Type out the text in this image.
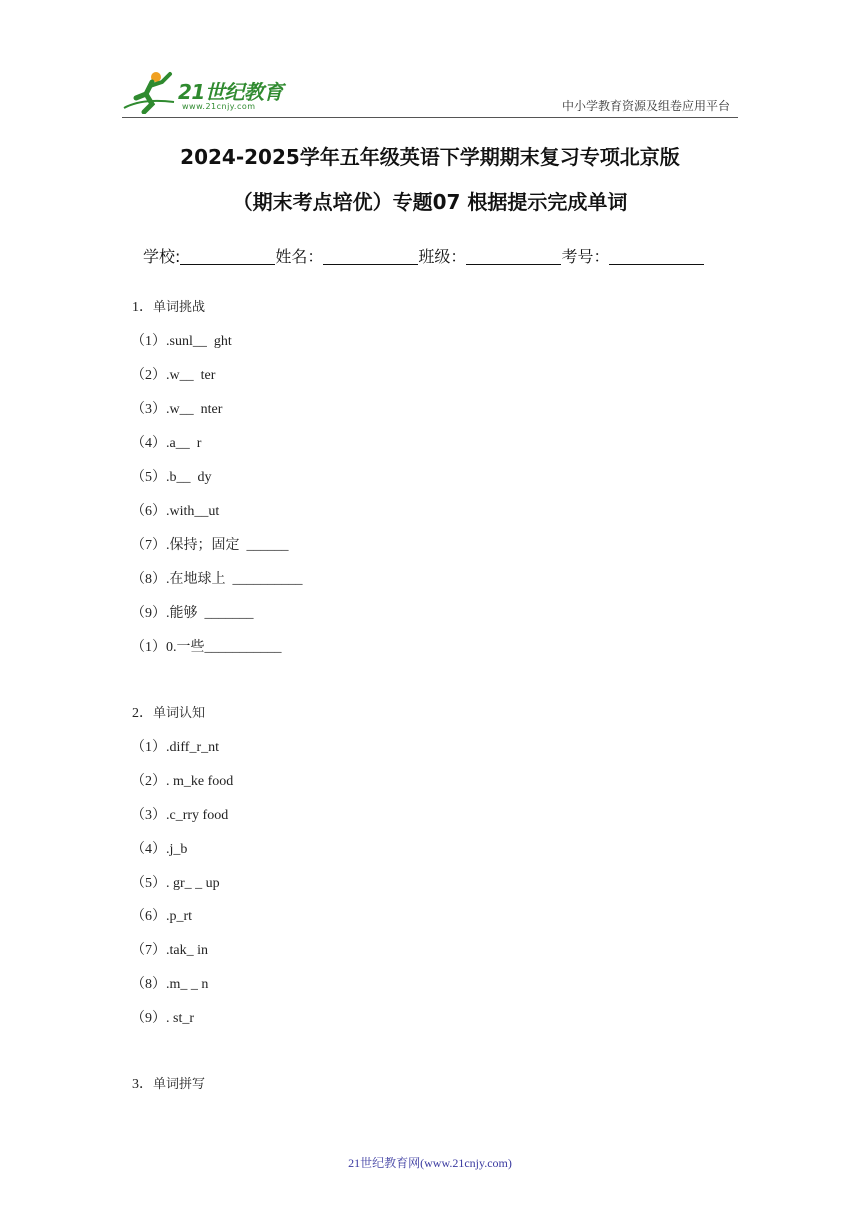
21世纪教育
www.21cnjy.com	中小学教育资源及组卷应用平台
2024-2025学年五年级英语下学期期末复习专项北京版
（期末考点培优）专题07 根据提示完成单词
学校:	姓名：	班级：	考号：
1．单词挑战
（1）.sunl__  ght
（2）.w__  ter
（3）.w__  nter
（4）.a__  r
（5）.b__  dy
（6）.with__ut
（7）.保持；固定  ______
（8）.在地球上  __________
（9）.能够  _______
（1）0.一些___________
2．单词认知
（1）.diff_r_nt
（2）. m_ke food
（3）.c_rry food
（4）.j_b
（5）. gr_ _ up
（6）.p_rt
（7）.tak_ in
（8）.m_ _ n
（9）. st_r
3．单词拼写
21世纪教育网(www.21cnjy.com)
